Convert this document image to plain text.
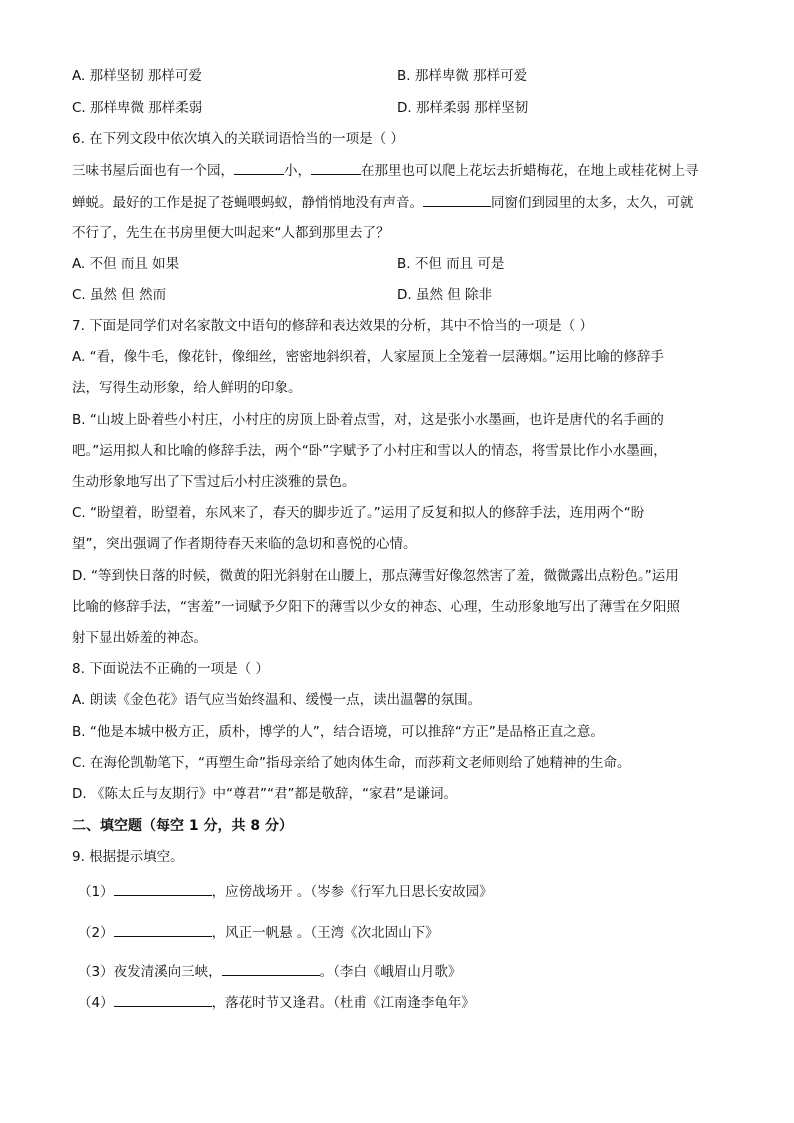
A. 那样坚韧 那样可爱	B. 那样卑微 那样可爱
C. 那样卑微 那样柔弱	D. 那样柔弱 那样坚韧
6. 在下列文段中依次填入的关联词语恰当的一项是（ ）
三味书屋后面也有一个园，	小，	在那里也可以爬上花坛去折蜡梅花，在地上或桂花树上寻
蝉蜕。最好的工作是捉了苍蝇喂蚂蚁，静悄悄地没有声音。	同窗们到园里的太多，太久，可就
不行了，先生在书房里便大叫起来“人都到那里去了？
A. 不但 而且 如果	B. 不但 而且 可是
C. 虽然 但 然而	D. 虽然 但 除非
7. 下面是同学们对名家散文中语句的修辞和表达效果的分析，其中不恰当的一项是（ ）
A. “看，像牛毛，像花针，像细丝，密密地斜织着，人家屋顶上全笼着一层薄烟。”运用比喻的修辞手
法，写得生动形象，给人鲜明的印象。
B. “山坡上卧着些小村庄，小村庄的房顶上卧着点雪，对，这是张小水墨画，也许是唐代的名手画的
吧。”运用拟人和比喻的修辞手法，两个“卧”字赋予了小村庄和雪以人的情态，将雪景比作小水墨画，
生动形象地写出了下雪过后小村庄淡雅的景色。
C. “盼望着，盼望着，东风来了，春天的脚步近了。”运用了反复和拟人的修辞手法，连用两个“盼
望”，突出强调了作者期待春天来临的急切和喜悦的心情。
D. “等到快日落的时候，微黄的阳光斜射在山腰上，那点薄雪好像忽然害了羞，微微露出点粉色。”运用
比喻的修辞手法，“害羞”一词赋予夕阳下的薄雪以少女的神态、心理，生动形象地写出了薄雪在夕阳照
射下显出娇羞的神态。
8. 下面说法不正确的一项是（ ）
A. 朗读《金色花》语气应当始终温和、缓慢一点，读出温馨的氛围。
B. “他是本城中极方正，质朴，博学的人”，结合语境，可以推辞“方正”是品格正直之意。
C. 在海伦凯勒笔下，“再塑生命”指母亲给了她肉体生命，而莎莉文老师则给了她精神的生命。
D. 《陈太丘与友期行》中“尊君”“君”都是敬辞，“家君”是谦词。
二、填空题（每空 1 分，共 8 分）
9. 根据提示填空。
（1）	，应傍战场开 。（岑参《行军九日思长安故园》
（2）	，风正一帆悬 。（王湾《次北固山下》
（3）夜发清溪向三峡，	。（李白《峨眉山月歌》
（4）	，落花时节又逢君。（杜甫《江南逢李龟年》
